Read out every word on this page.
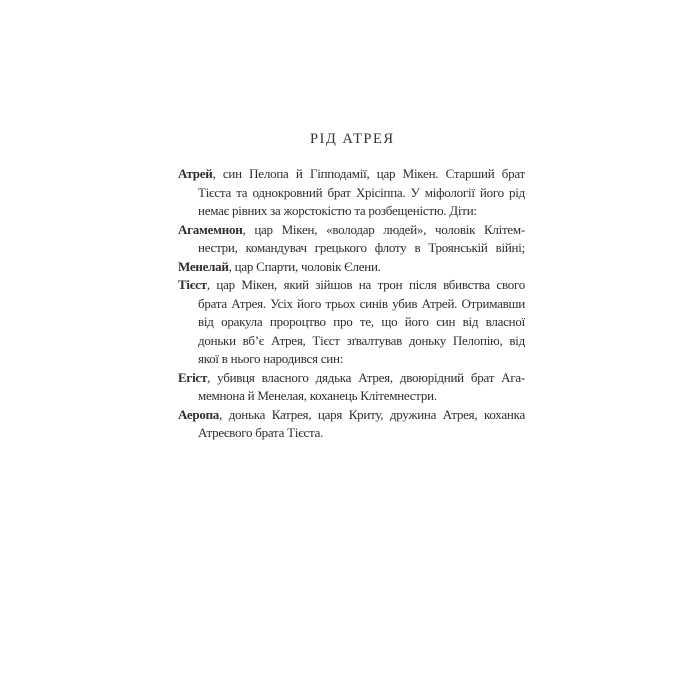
РІД АТРЕЯ
Атрей, син Пелопа й Гіпподамії, цар Мікен. Старший брат
Тієста та однокровний брат Хрісіппа. У міфології його рід
немає рівних за жорстокістю та розбещеністю. Діти:
Агамемнон, цар Мікен, «володар людей», чоловік Клітем-
нестри, командувач грецького флоту в Троянській війні;
Менелай, цар Спарти, чоловік Єлени.
Тієст, цар Мікен, який зійшов на трон після вбивства свого
брата Атрея. Усіх його трьох синів убив Атрей. Отримавши
від оракула пророцтво про те, що його син від власної
доньки вб’є Атрея, Тієст зґвалтував доньку Пелопію, від
якої в нього народився син:
Егіст, убивця власного дядька Атрея, двоюрідний брат Ага-
мемнона й Менелая, коханець Клітемнестри.
Аеропа, донька Катрея, царя Криту, дружина Атрея, коханка
Атреєвого брата Тієста.
